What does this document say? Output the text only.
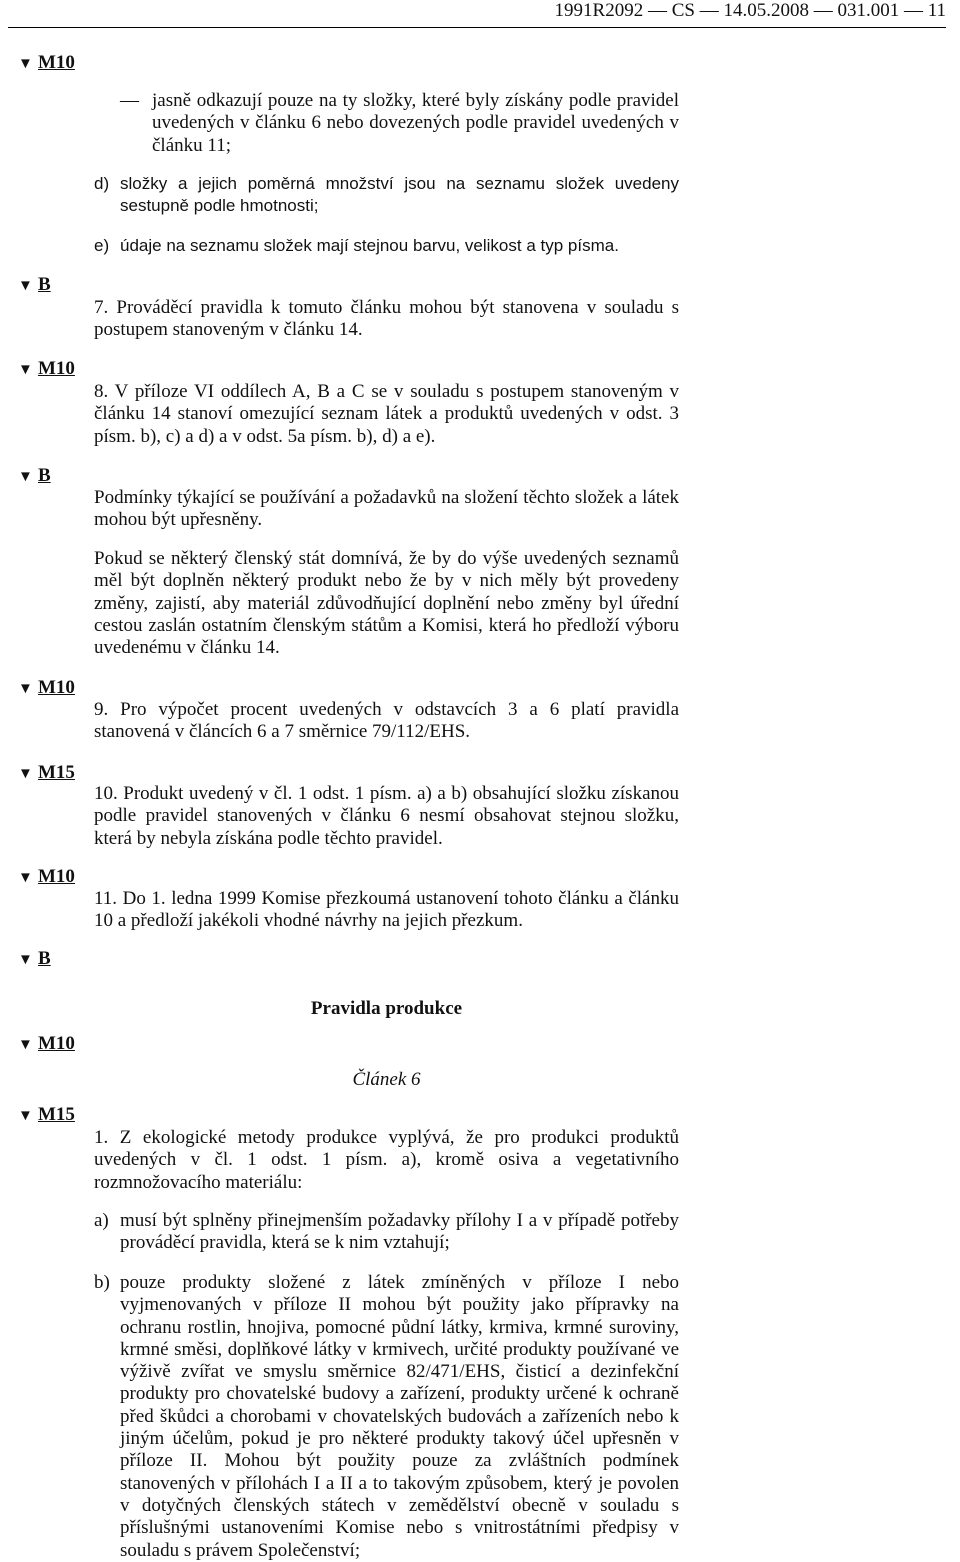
1991R2092 — CS — 14.05.2008 — 031.001 — 11
▼ M10
▼ B
▼ M10
▼ B
▼ M10
▼ M15
▼ M10
▼ B
▼ M10
▼ M15
— jasně odkazují pouze na ty složky, které byly získány podle pravidel uvedených v článku 6 nebo dovezených podle pravidel uvedených v článku 11;
d) složky a jejich poměrná množství jsou na seznamu složek uvedeny sestupně podle hmotnosti;
e) údaje na seznamu složek mají stejnou barvu, velikost a typ písma.
7. Prováděcí pravidla k tomuto článku mohou být stanovena v souladu s postupem stanoveným v článku 14.
8. V příloze VI oddílech A, B a C se v souladu s postupem stanoveným v článku 14 stanoví omezující seznam látek a produktů uvedených v odst. 3 písm. b), c) a d) a v odst. 5a písm. b), d) a e).
Podmínky týkající se používání a požadavků na složení těchto složek a látek mohou být upřesněny.
Pokud se některý členský stát domnívá, že by do výše uvedených seznamů měl být doplněn některý produkt nebo že by v nich měly být provedeny změny, zajistí, aby materiál zdůvodňující doplnění nebo změny byl úřední cestou zaslán ostatním členským státům a Komisi, která ho předloží výboru uvedenému v článku 14.
9. Pro výpočet procent uvedených v odstavcích 3 a 6 platí pravidla stanovená v článcích 6 a 7 směrnice 79/112/EHS.
10. Produkt uvedený v čl. 1 odst. 1 písm. a) a b) obsahující složku získanou podle pravidel stanovených v článku 6 nesmí obsahovat stejnou složku, která by nebyla získána podle těchto pravidel.
11. Do 1. ledna 1999 Komise přezkoumá ustanovení tohoto článku a článku 10 a předloží jakékoli vhodné návrhy na jejich přezkum.
Pravidla produkce
Článek 6
1. Z ekologické metody produkce vyplývá, že pro produkci produktů uvedených v čl. 1 odst. 1 písm. a), kromě osiva a vegetativního rozmnožovacího materiálu:
a) musí být splněny přinejmenším požadavky přílohy I a v případě potřeby prováděcí pravidla, která se k nim vztahují;
b) pouze produkty složené z látek zmíněných v příloze I nebo vyjmenovaných v příloze II mohou být použity jako přípravky na ochranu rostlin, hnojiva, pomocné půdní látky, krmiva, krmné suroviny, krmné směsi, doplňkové látky v krmivech, určité produkty používané ve výživě zvířat ve smyslu směrnice 82/471/EHS, čisticí a dezinfekční produkty pro chovatelské budovy a zařízení, produkty určené k ochraně před škůdci a chorobami v chovatelských budovách a zařízeních nebo k jiným účelům, pokud je pro některé produkty takový účel upřesněn v příloze II. Mohou být použity pouze za zvláštních podmínek stanovených v přílohách I a II a to takovým způsobem, který je povolen v dotyčných členských státech v zemědělství obecně v souladu s příslušnými ustanoveními Komise nebo s vnitrostátními předpisy v souladu s právem Společenství;
